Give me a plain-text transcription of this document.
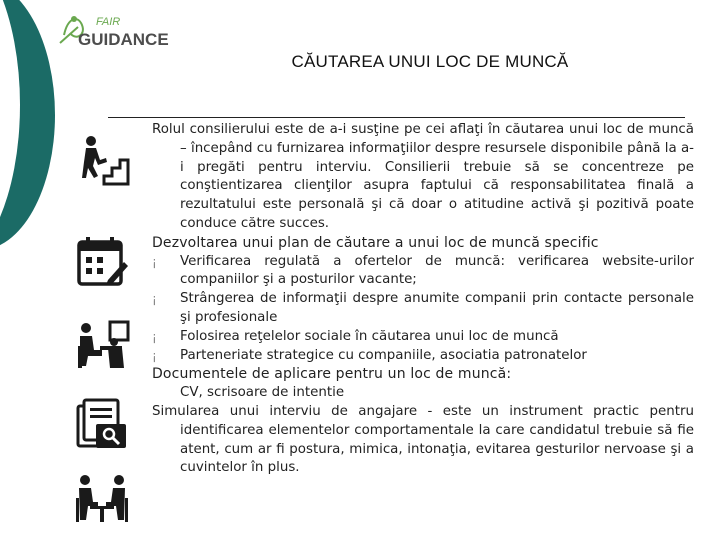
FAIR
GUIDANCE
CĂUTAREA UNUI LOC DE MUNCĂ

Rolul consilierului este de a-i susţine pe cei aflaţi în căutarea unui loc de muncă – începând cu furnizarea informaţiilor despre resursele disponibile până la a-i pregăti pentru interviu. Consilierii trebuie să se concentreze pe conştientizarea clienţilor asupra faptului că responsabilitatea finală a rezultatului este personală şi că doar o atitudine activă şi pozitivă poate conduce către succes.

Dezvoltarea unui plan de căutare a unui loc de muncă specific

¡	Verificarea regulată a ofertelor de muncă: verificarea website-urilor companiilor şi a posturilor vacante;

¡	Strângerea de informaţii despre anumite companii prin contacte personale şi profesionale

¡	Folosirea reţelelor sociale în căutarea unui loc de muncă

¡	Parteneriate strategice cu companiile, asociatia patronatelor

Documentele de aplicare pentru un loc de muncă:

CV, scrisoare de intentie

Simularea unui interviu de angajare - este un instrument practic pentru identificarea elementelor comportamentale la care candidatul trebuie să fie atent, cum ar fi postura, mimica, intonaţiа, evitarea gesturilor nervoase şi a cuvintelor în plus.
